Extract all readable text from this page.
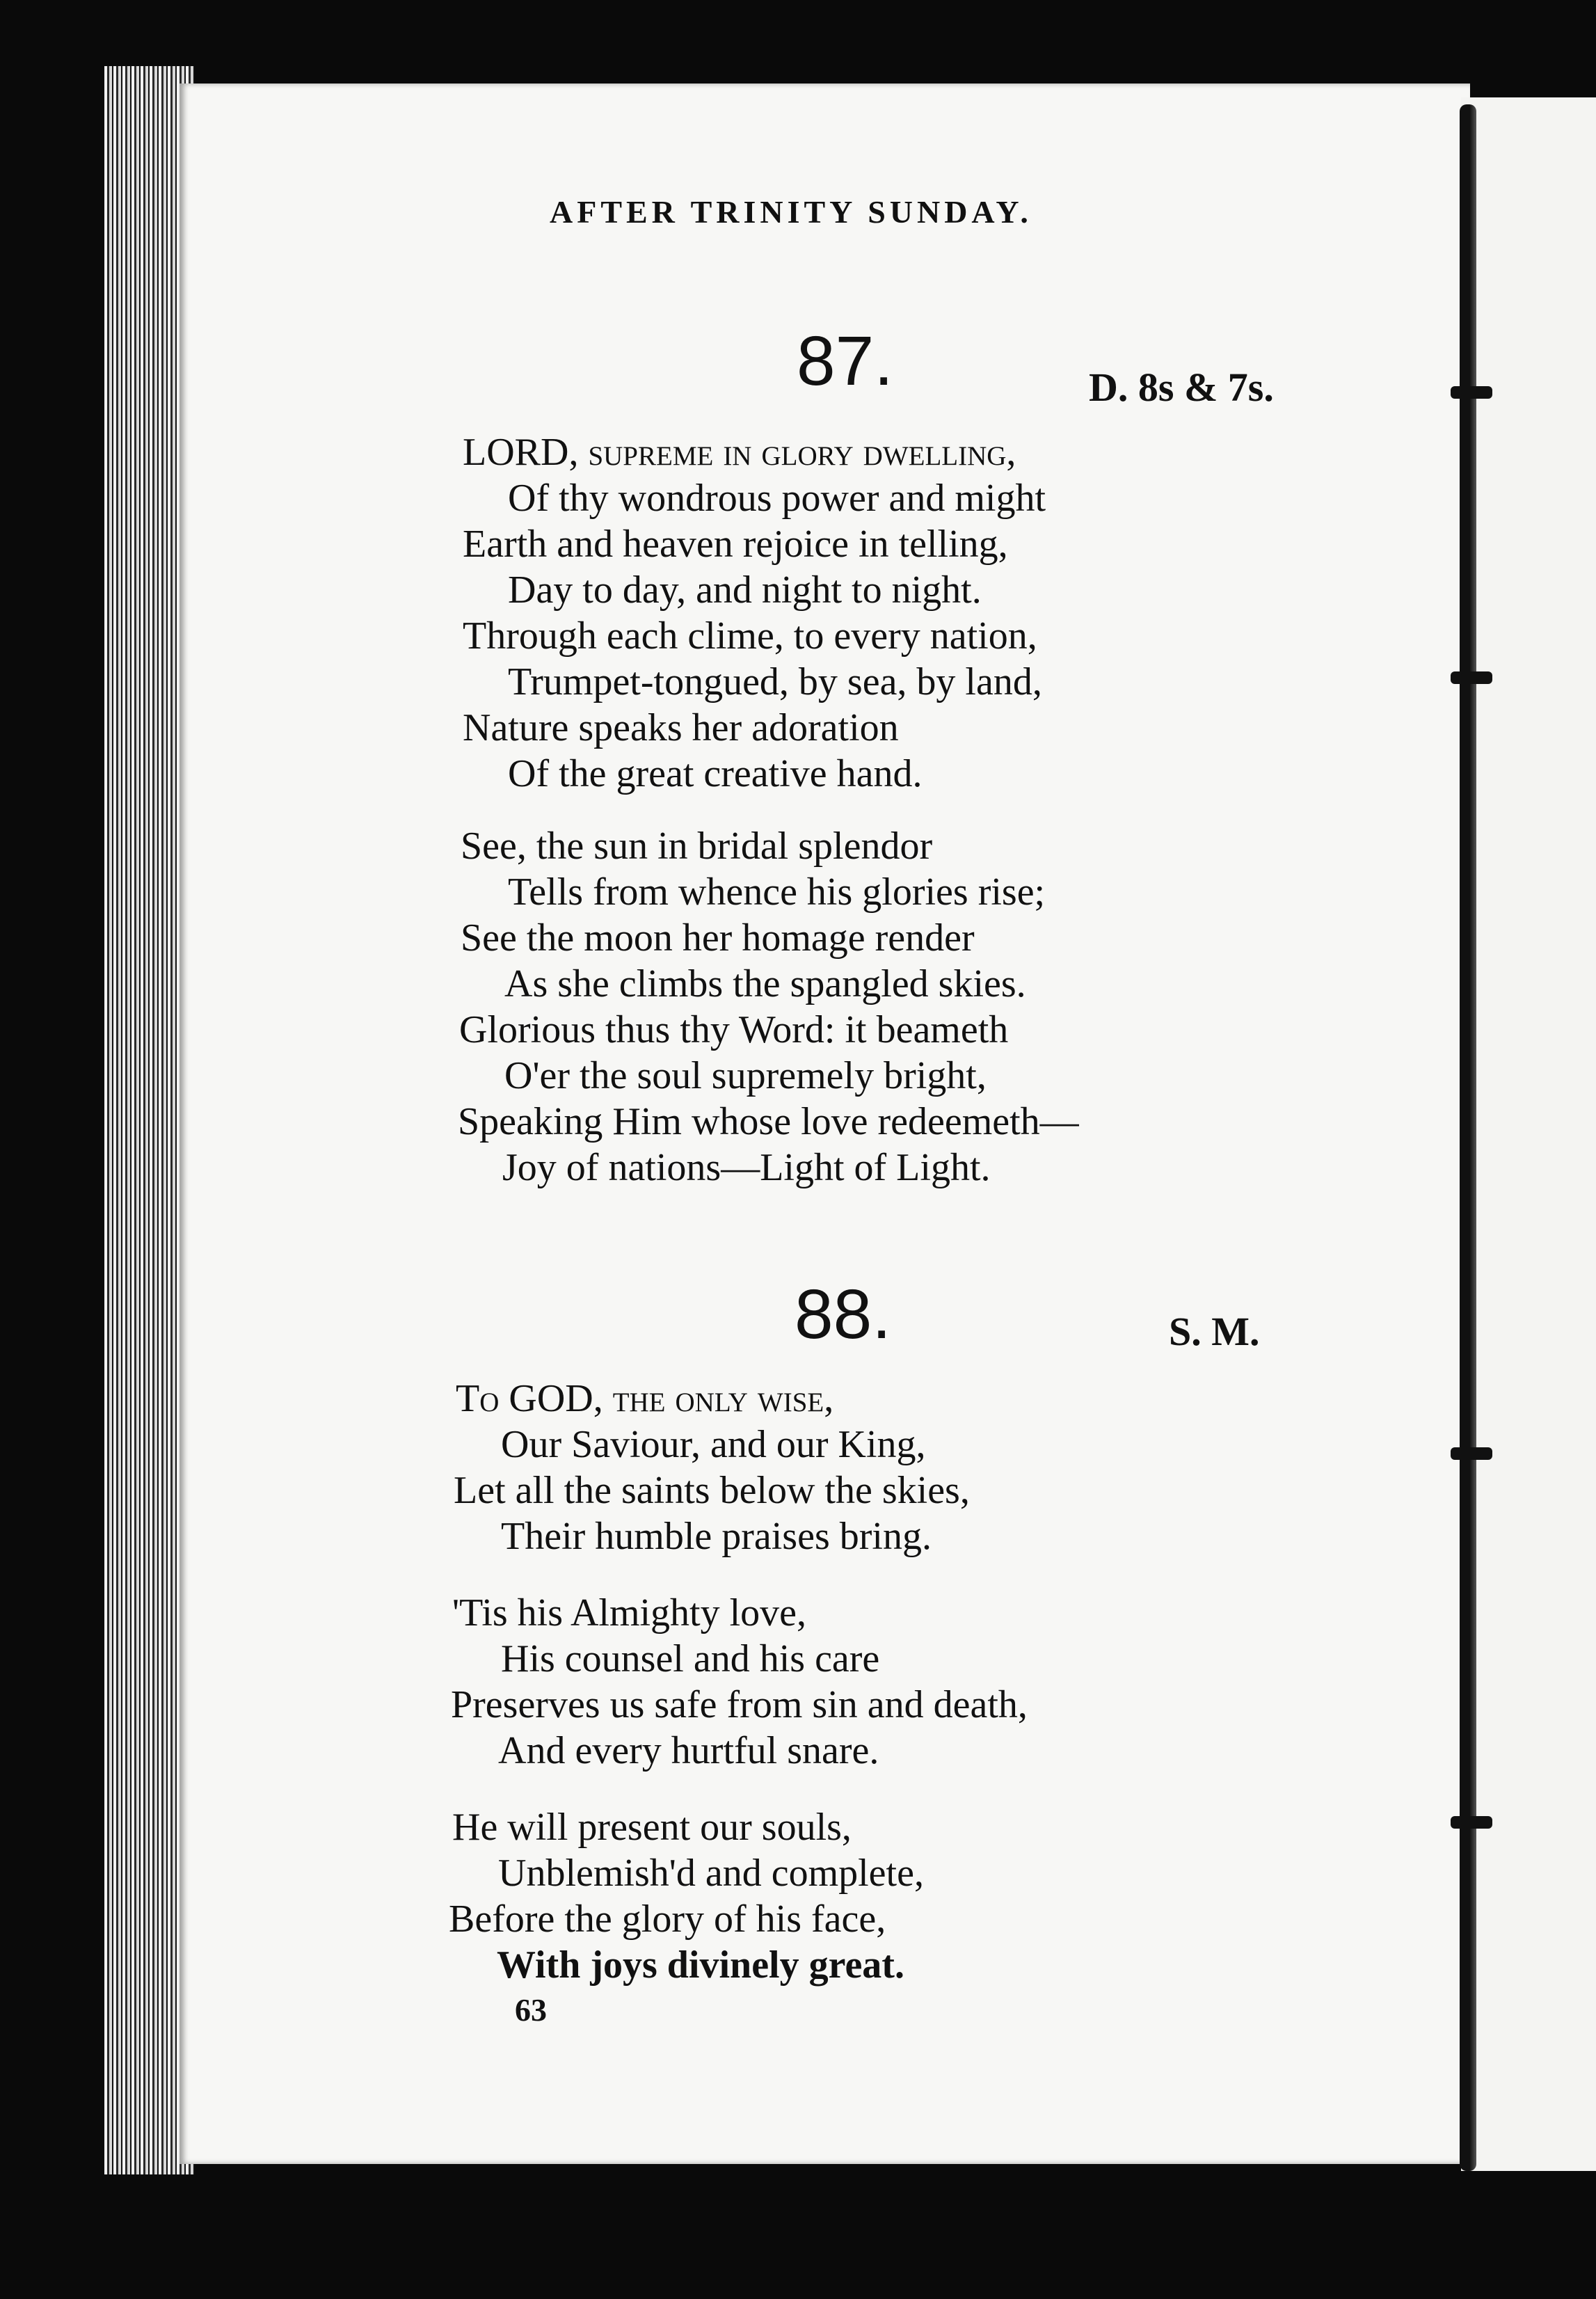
AFTER TRINITY SUNDAY.
87.	D. 8s & 7s.
LORD, supreme in glory dwelling,
Of thy wondrous power and might
Earth and heaven rejoice in telling,
Day to day, and night to night.
Through each clime, to every nation,
Trumpet-tongued, by sea, by land,
Nature speaks her adoration
Of the great creative hand.
See, the sun in bridal splendor
Tells from whence his glories rise;
See the moon her homage render
As she climbs the spangled skies.
Glorious thus thy Word: it beameth
O'er the soul supremely bright,
Speaking Him whose love redeemeth—
Joy of nations—Light of Light.
88.	S. M.
To GOD, the only wise,
Our Saviour, and our King,
Let all the saints below the skies,
Their humble praises bring.
'Tis his Almighty love,
His counsel and his care
Preserves us safe from sin and death,
And every hurtful snare.
He will present our souls,
Unblemish'd and complete,
Before the glory of his face,
With joys divinely great.
63
